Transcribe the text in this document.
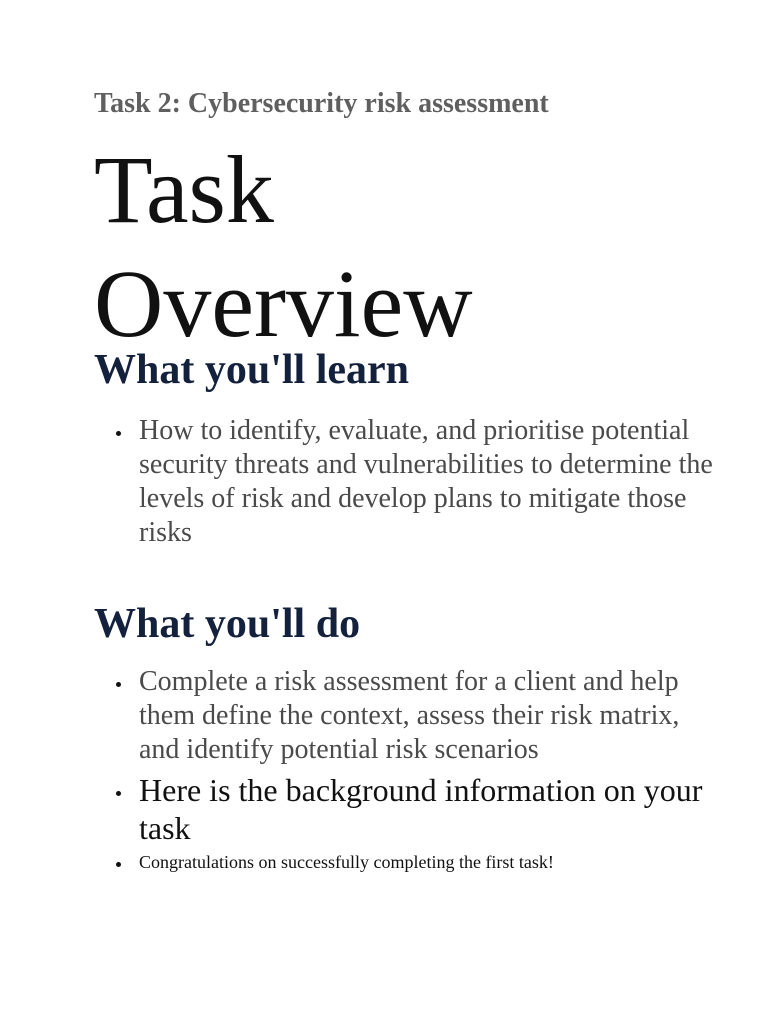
Task 2: Cybersecurity risk assessment

Task
Overview
What you'll learn
How to identify, evaluate, and prioritise potential security threats and vulnerabilities to determine the levels of risk and develop plans to mitigate those risks
What you'll do
Complete a risk assessment for a client and help them define the context, assess their risk matrix, and identify potential risk scenarios
Here is the background information on your task
Congratulations on successfully completing the first task!
